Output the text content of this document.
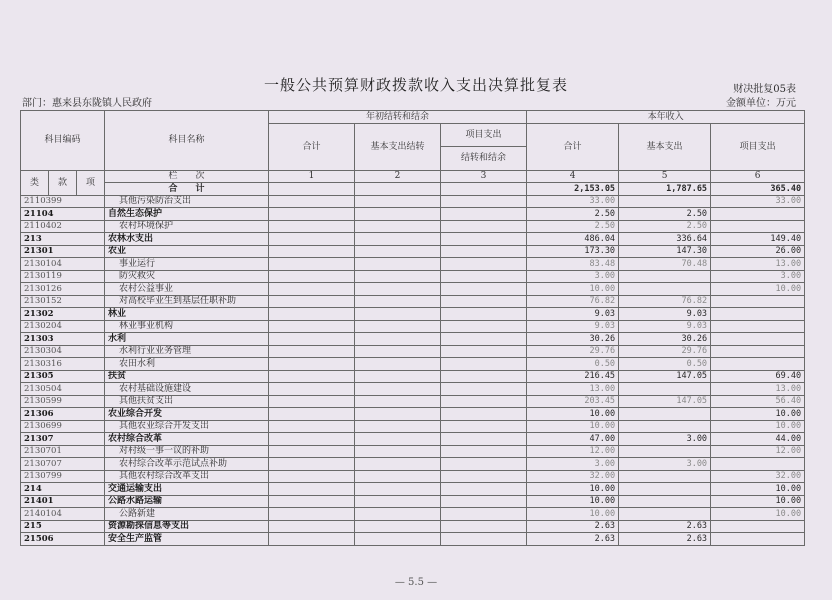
一般公共预算财政拨款收入支出决算批复表	财决批复05表
部门：惠来县东陇镇人民政府	金额单位：万元
科目编码			科目名称	年初结转和结余			本年收入		
				合计	基本支出结转	项目支出	合计	基本支出	项目支出
						结转和结余			
类	款	项	栏　　次	1	2	3	4	5	6
			合　　计				2,153.05	1,787.65	365.40
2110399			其他污染防治支出				33.00		33.00
21104			自然生态保护				2.50	2.50	
2110402			农村环境保护				2.50	2.50	
213			农林水支出				486.04	336.64	149.40
21301			农业				173.30	147.30	26.00
2130104			事业运行				83.48	70.48	13.00
2130119			防灾救灾				3.00		3.00
2130126			农村公益事业				10.00		10.00
2130152			对高校毕业生到基层任职补助				76.82	76.82	
21302			林业				9.03	9.03	
2130204			林业事业机构				9.03	9.03	
21303			水利				30.26	30.26	
2130304			水利行业业务管理				29.76	29.76	
2130316			农田水利				0.50	0.50	
21305			扶贫				216.45	147.05	69.40
2130504			农村基础设施建设				13.00		13.00
2130599			其他扶贫支出				203.45	147.05	56.40
21306			农业综合开发				10.00		10.00
2130699			其他农业综合开发支出				10.00		10.00
21307			农村综合改革				47.00	3.00	44.00
2130701			对村级一事一议的补助				12.00		12.00
2130707			农村综合改革示范试点补助				3.00	3.00	
2130799			其他农村综合改革支出				32.00		32.00
214			交通运输支出				10.00		10.00
21401			公路水路运输				10.00		10.00
2140104			公路新建				10.00		10.00
215			资源勘探信息等支出				2.63	2.63	
21506			安全生产监管				2.63	2.63	
— 5.5 —
